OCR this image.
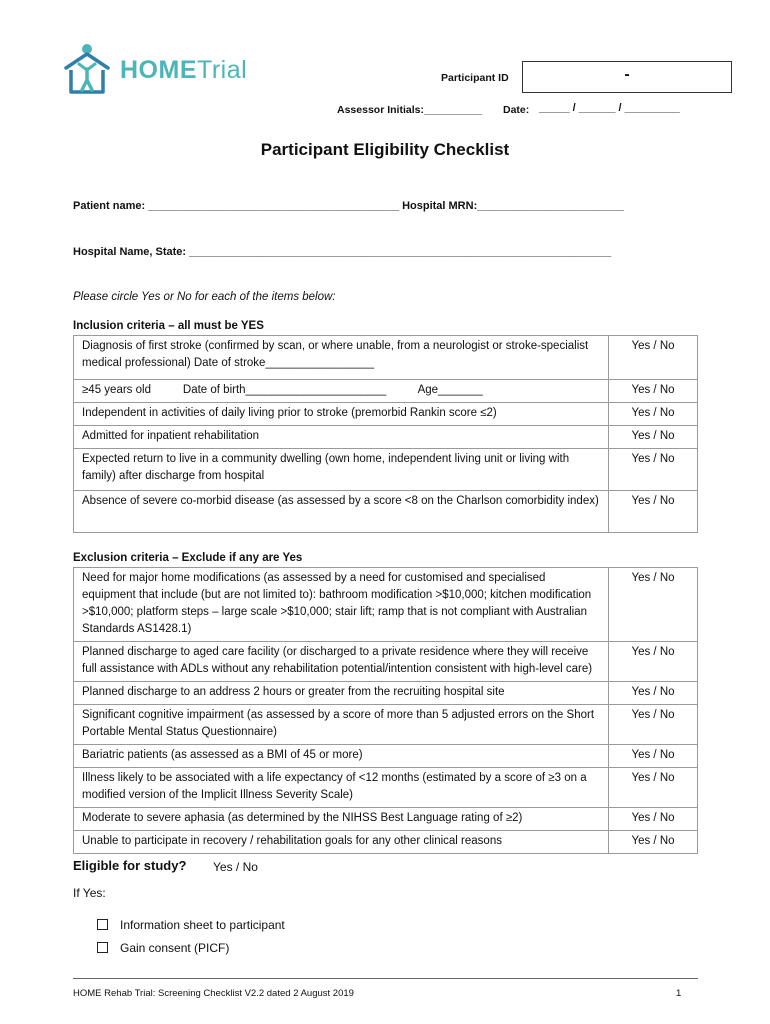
HOMETrial	Participant ID	-
Assessor Initials:__________ Date: _____ / ______ / _________
Participant Eligibility Checklist
Patient name: _________________________________________ Hospital MRN:________________________
Hospital Name, State: _____________________________________________________________________
Please circle Yes or No for each of the items below:
Inclusion criteria – all must be YES
Diagnosis of first stroke (confirmed by scan, or where unable, from a neurologist or stroke-specialist medical professional) Date of stroke_________________	Yes / No
≥45 years old          Date of birth______________________          Age_______	Yes / No
Independent in activities of daily living prior to stroke (premorbid Rankin score ≤2)	Yes / No
Admitted for inpatient rehabilitation	Yes / No
Expected return to live in a community dwelling (own home, independent living unit or living with family) after discharge from hospital	Yes / No
Absence of severe co-morbid disease (as assessed by a score <8 on the Charlson comorbidity index)	Yes / No
Exclusion criteria – Exclude if any are Yes
Need for major home modifications (as assessed by a need for customised and specialised equipment that include (but are not limited to): bathroom modification >$10,000; kitchen modification >$10,000; platform steps – large scale >$10,000; stair lift; ramp that is not compliant with Australian Standards AS1428.1)	Yes / No
Planned discharge to aged care facility (or discharged to a private residence where they will receive full assistance with ADLs without any rehabilitation potential/intention consistent with high-level care)	Yes / No
Planned discharge to an address 2 hours or greater from the recruiting hospital site	Yes / No
Significant cognitive impairment (as assessed by a score of more than 5 adjusted errors on the Short Portable Mental Status Questionnaire)	Yes / No
Bariatric patients (as assessed as a BMI of 45 or more)	Yes / No
Illness likely to be associated with a life expectancy of <12 months (estimated by a score of ≥3 on a modified version of the Implicit Illness Severity Scale)	Yes / No
Moderate to severe aphasia (as determined by the NIHSS Best Language rating of ≥2)	Yes / No
Unable to participate in recovery / rehabilitation goals for any other clinical reasons	Yes / No
Eligible for study? Yes / No
If Yes:
Information sheet to participant
Gain consent (PICF)
HOME Rehab Trial: Screening Checklist V2.2 dated 2 August 2019	1
